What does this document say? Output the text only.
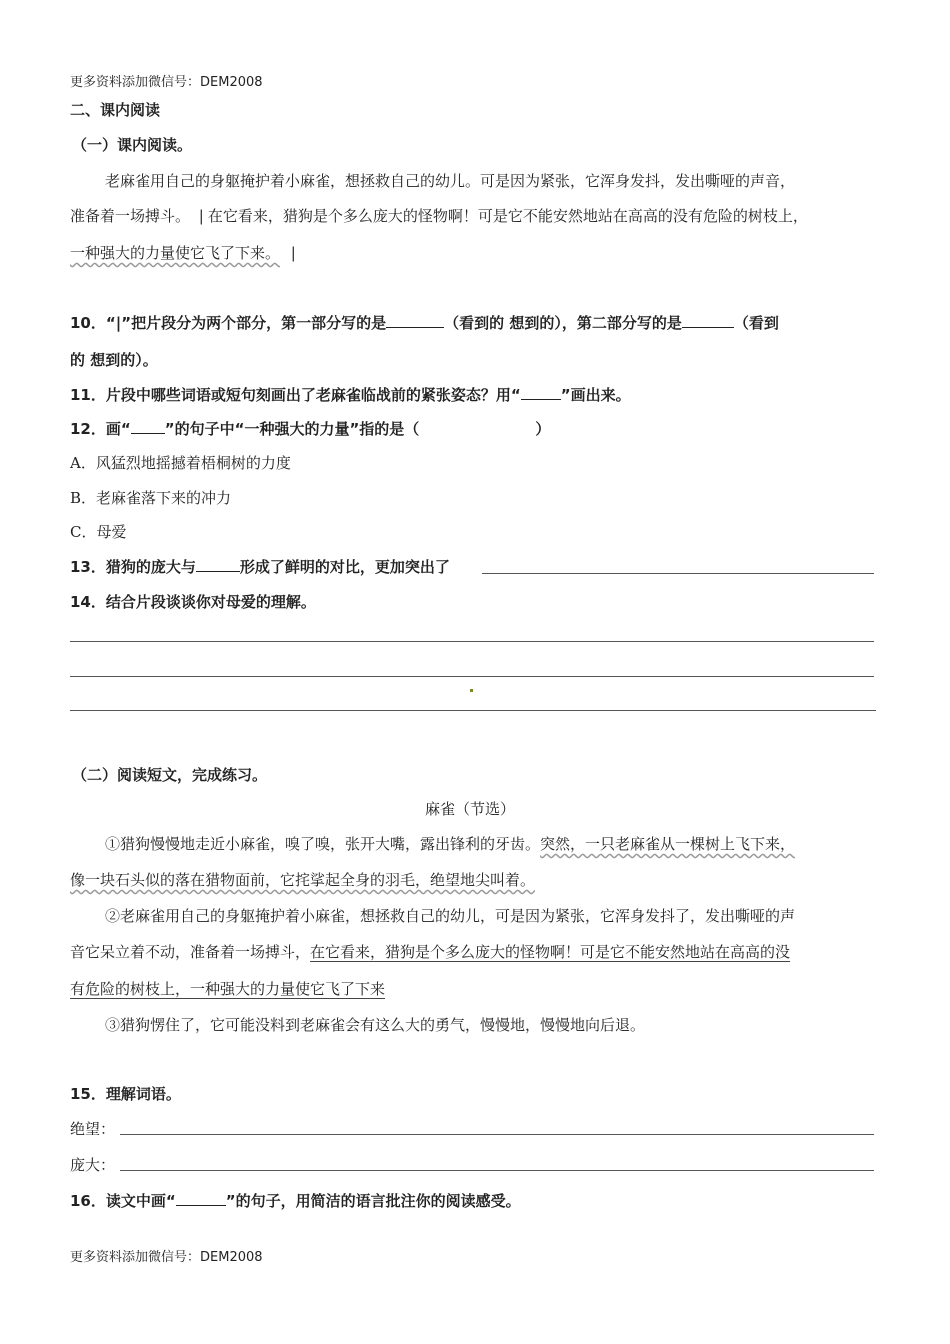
更多资料添加微信号：DEM2008
二、课内阅读
（一）课内阅读。
老麻雀用自己的身躯掩护着小麻雀，想拯救自己的幼儿。可是因为紧张，它浑身发抖，发出嘶哑的声音，
准备着一场搏斗。 | 在它看来，猎狗是个多么庞大的怪物啊！可是它不能安然地站在高高的没有危险的树枝上，
一种强大的力量使它飞了下来。 |
10．“|”把片段分为两个部分，第一部分写的是	（看到的 想到的），第二部分写的是	（看到
的 想到的）。
11．片段中哪些词语或短句刻画出了老麻雀临战前的紧张姿态？用“	”画出来。
12．画“ ”的句子中“一种强大的力量”指的是（	）
A．风猛烈地摇撼着梧桐树的力度
B．老麻雀落下来的冲力
C．母爱
13．猎狗的庞大与	形成了鲜明的对比，更加突出了
14．结合片段谈谈你对母爱的理解。
（二）阅读短文，完成练习。
麻雀（节选）
①猎狗慢慢地走近小麻雀，嗅了嗅，张开大嘴，露出锋利的牙齿。突然，一只老麻雀从一棵树上飞下来，
像一块石头似的落在猎物面前，它挓挲起全身的羽毛，绝望地尖叫着。
②老麻雀用自己的身躯掩护着小麻雀，想拯救自己的幼儿，可是因为紧张，它浑身发抖了，发出嘶哑的声
音它呆立着不动，准备着一场搏斗，在它看来，猎狗是个多么庞大的怪物啊！可是它不能安然地站在高高的没
有危险的树枝上，一种强大的力量使它飞了下来
③猎狗愣住了，它可能没料到老麻雀会有这么大的勇气，慢慢地，慢慢地向后退。
15．理解词语。
绝望：
庞大：
16．读文中画“	”的句子，用简洁的语言批注你的阅读感受。
更多资料添加微信号：DEM2008
